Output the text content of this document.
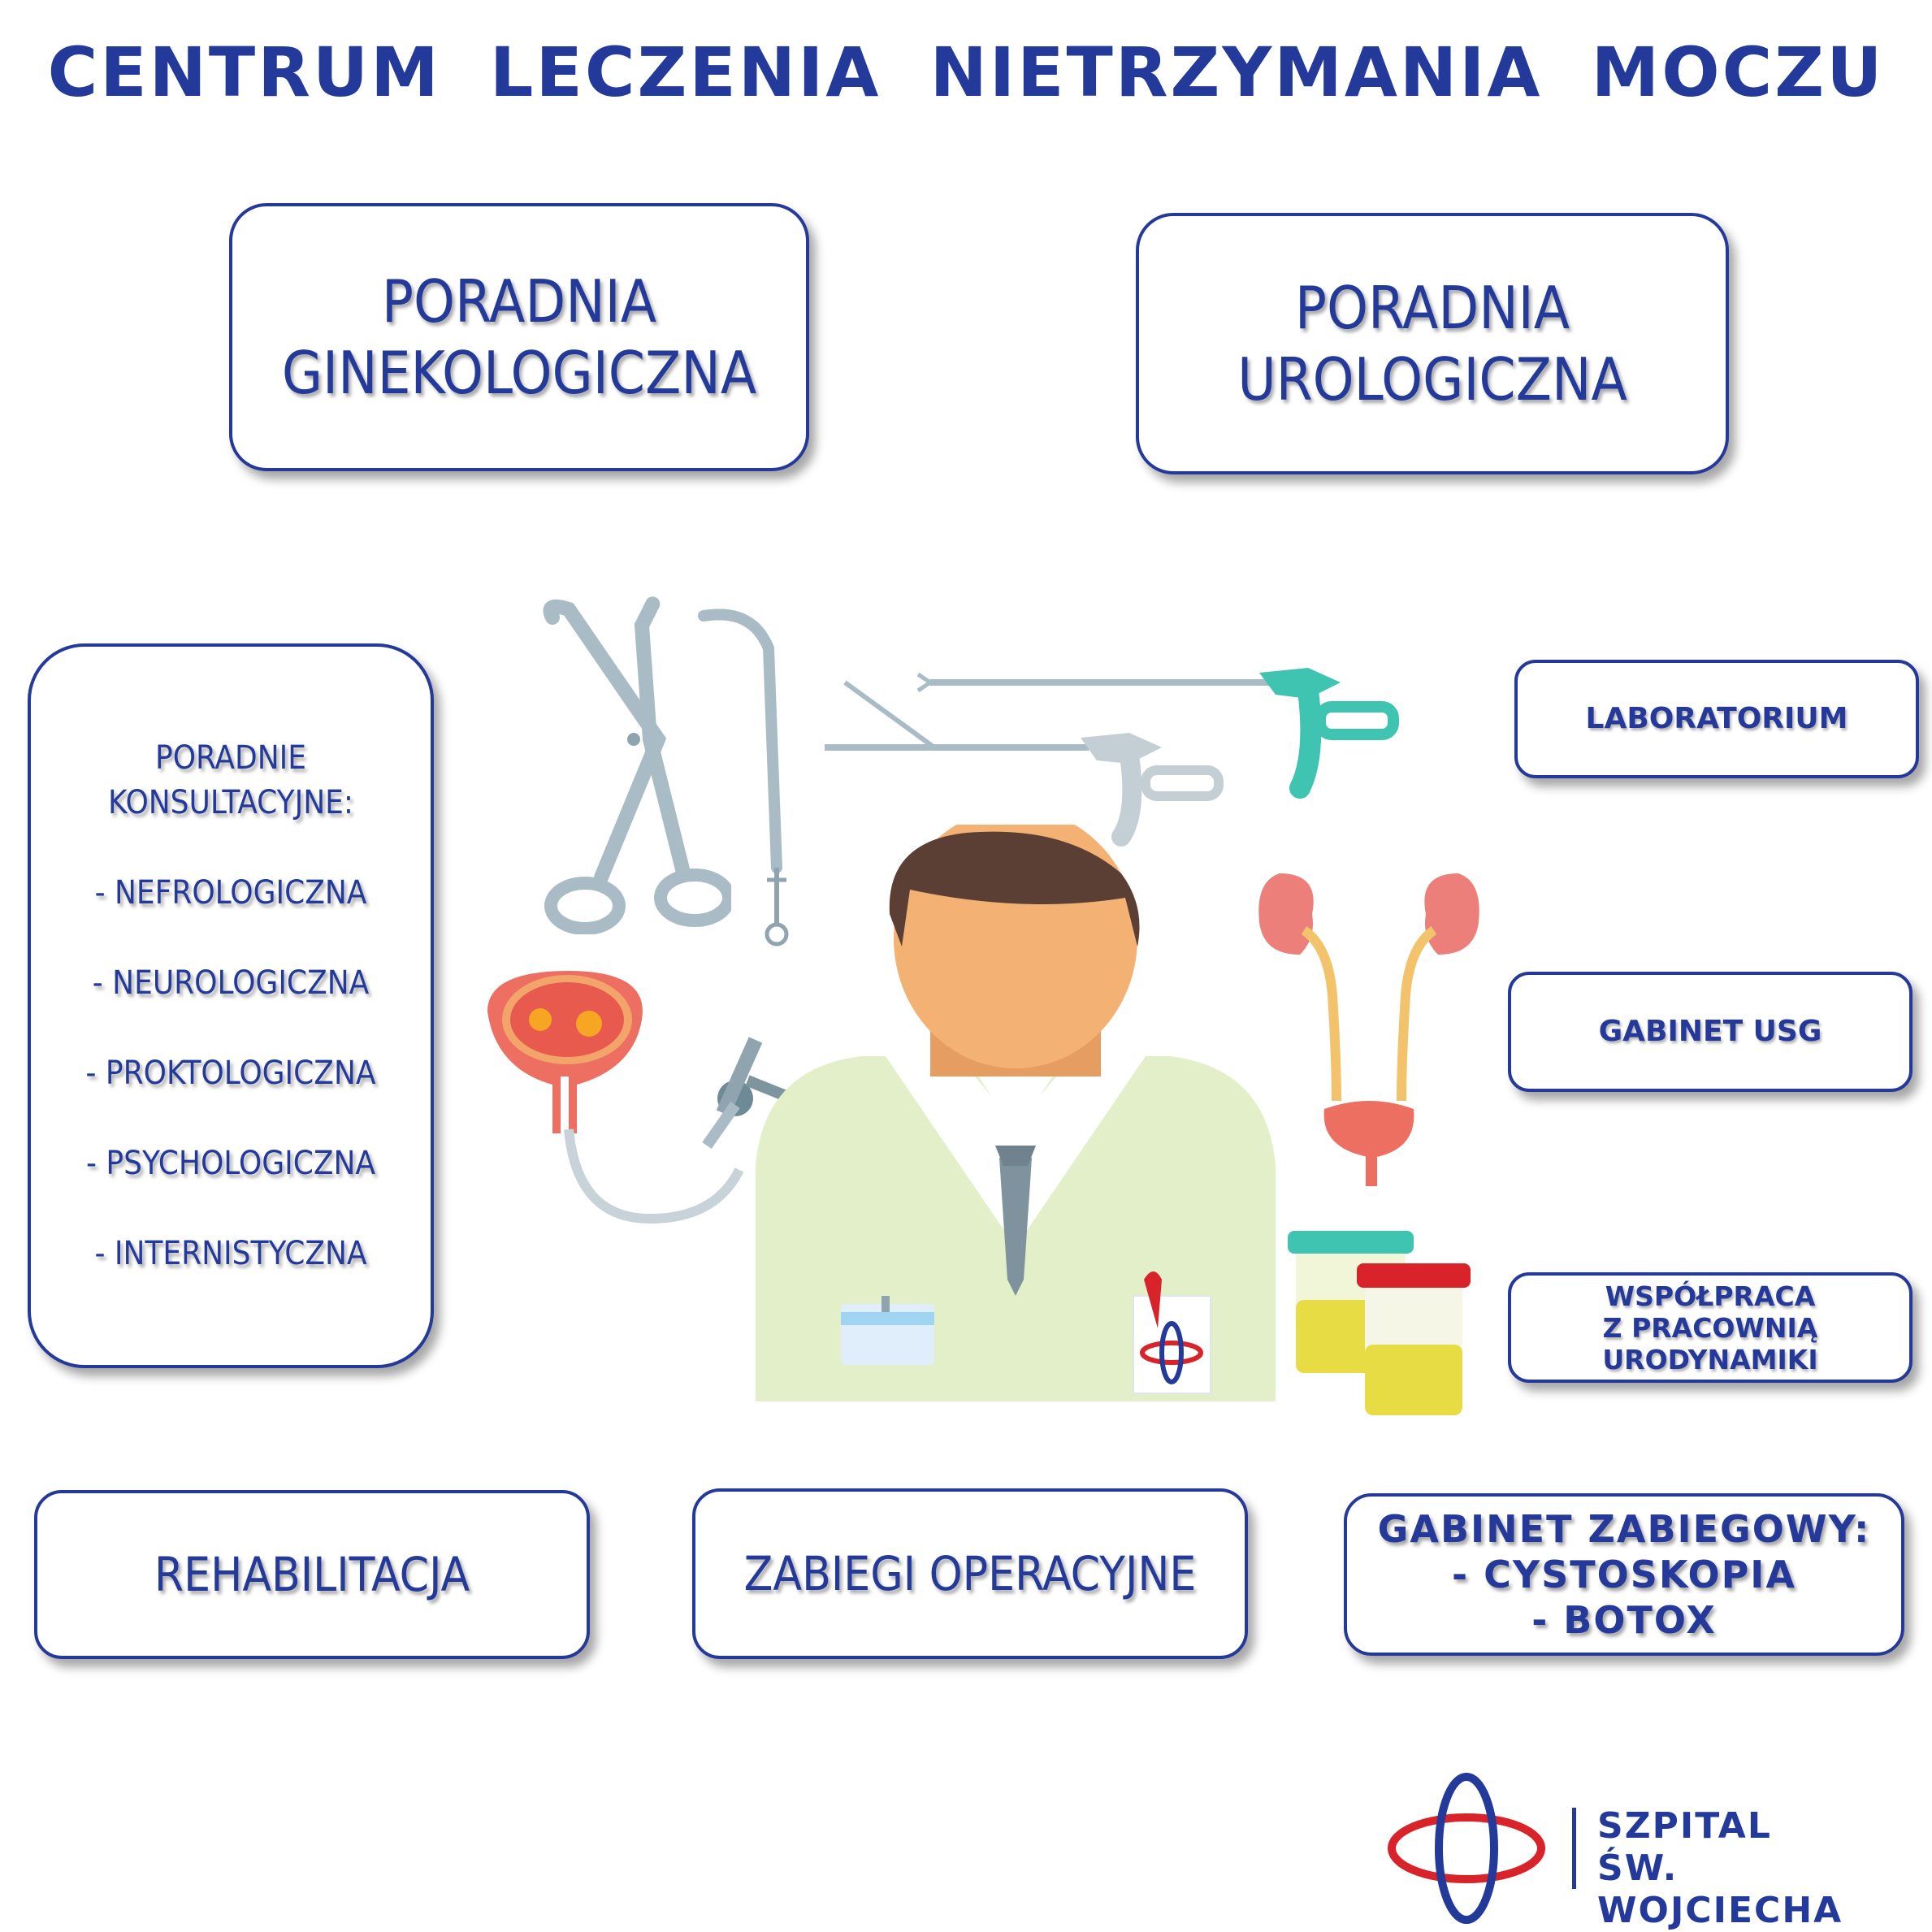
CENTRUM LECZENIA NIETRZYMANIA MOCZU
PORADNIA
GINEKOLOGICZNA
PORADNIA
UROLOGICZNA
PORADNIE
KONSULTACYJNE:
- NEFROLOGICZNA
- NEUROLOGICZNA
- PROKTOLOGICZNA
- PSYCHOLOGICZNA
- INTERNISTYCZNA
LABORATORIUM
GABINET USG
WSPÓŁPRACA
Z PRACOWNIĄ
URODYNAMIKI
REHABILITACJA	ZABIEGI OPERACYJNE
GABINET ZABIEGOWY:
- CYSTOSKOPIA
- BOTOX
SZPITAL
ŚW. WOJCIECHA
